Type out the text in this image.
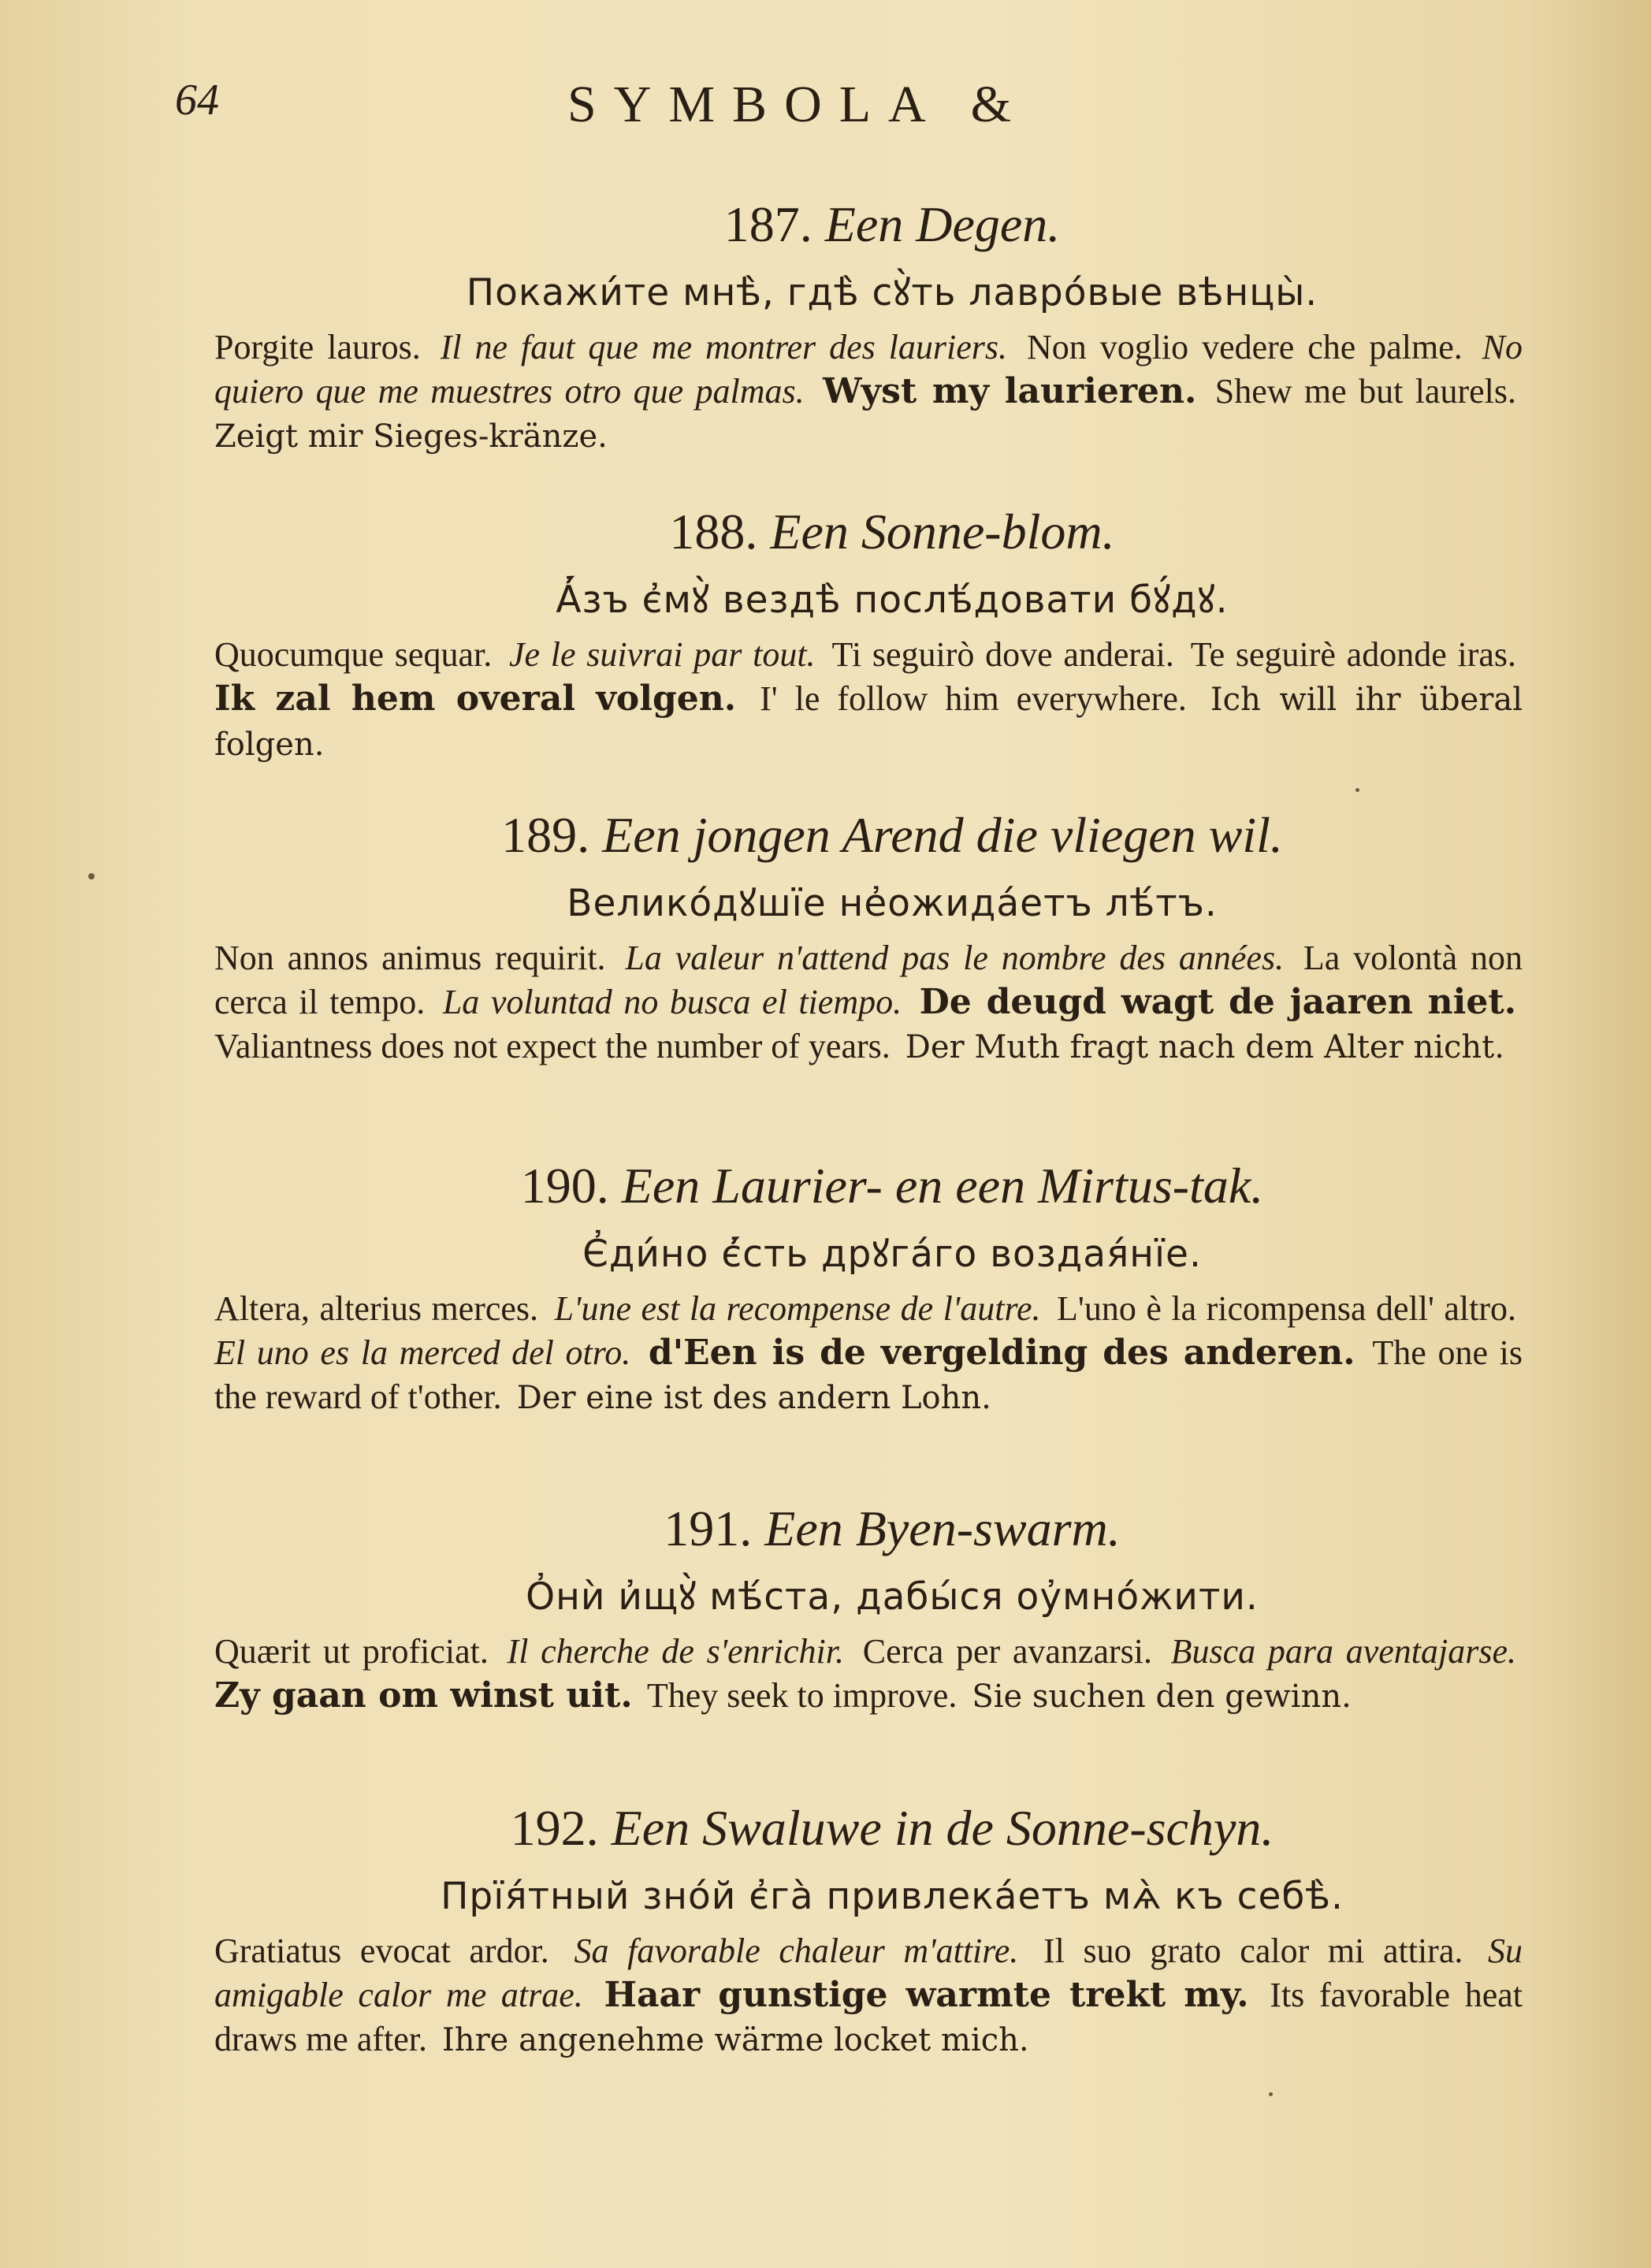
64	SYMBOLA &
187. Een Degen.
Покажи́те мнѣ̀, гдѣ̀ сꙋ̀ть лавро́вые вѣнцы̀.
Porgite lauros. Il ne faut que me montrer des lauriers. Non voglio vedere che palme. No quiero que me muestres otro que palmas. Wyst my laurieren. Shew me but laurels. Zeigt mir Sieges-kränze.
188. Een Sonne-blom.
А҆́зъ є҆мꙋ̀ вездѣ̀ послѣ́довати бꙋ́дꙋ.
Quocumque sequar. Je le suivrai par tout. Ti seguirò dove anderai. Te seguirè adonde iras. Ik zal hem overal volgen. I' le follow him everywhere. Ich will ihr überal folgen.
189. Een jongen Arend die vliegen wil.
Велико́дꙋшїе не҆ожида́етъ лѣ́тъ.
Non annos animus requirit. La valeur n'attend pas le nombre des années. La volontà non cerca il tempo. La voluntad no busca el tiempo. De deugd wagt de jaaren niet. Valiantness does not expect the number of years. Der Muth fragt nach dem Alter nicht.
190. Een Laurier- en een Mirtus-tak.
Є҆ди́но є҆́сть дрꙋга́го воздая́нїе.
Altera, alterius merces. L'une est la recompense de l'autre. L'uno è la ricompensa dell' altro. El uno es la merced del otro. d'Een is de vergelding des anderen. The one is the reward of t'other. Der eine ist des andern Lohn.
191. Een Byen-swarm.
О҆нѝ и҆щꙋ̀ мѣ́ста, дабы́ся оу҆мно́жити.
Quærit ut proficiat. Il cherche de s'enrichir. Cerca per avanzarsi. Busca para aventajarse. Zy gaan om winst uit. They seek to improve. Sie suchen den gewinn.
192. Een Swaluwe in de Sonne-schyn.
Прїя́тный зно́й є҆га̀ привлека́етъ мѧ̀ къ себѣ̀.
Gratiatus evocat ardor. Sa favorable chaleur m'attire. Il suo grato calor mi attira. Su amigable calor me atrae. Haar gunstige warmte trekt my. Its favorable heat draws me after. Ihre angenehme wärme locket mich.
